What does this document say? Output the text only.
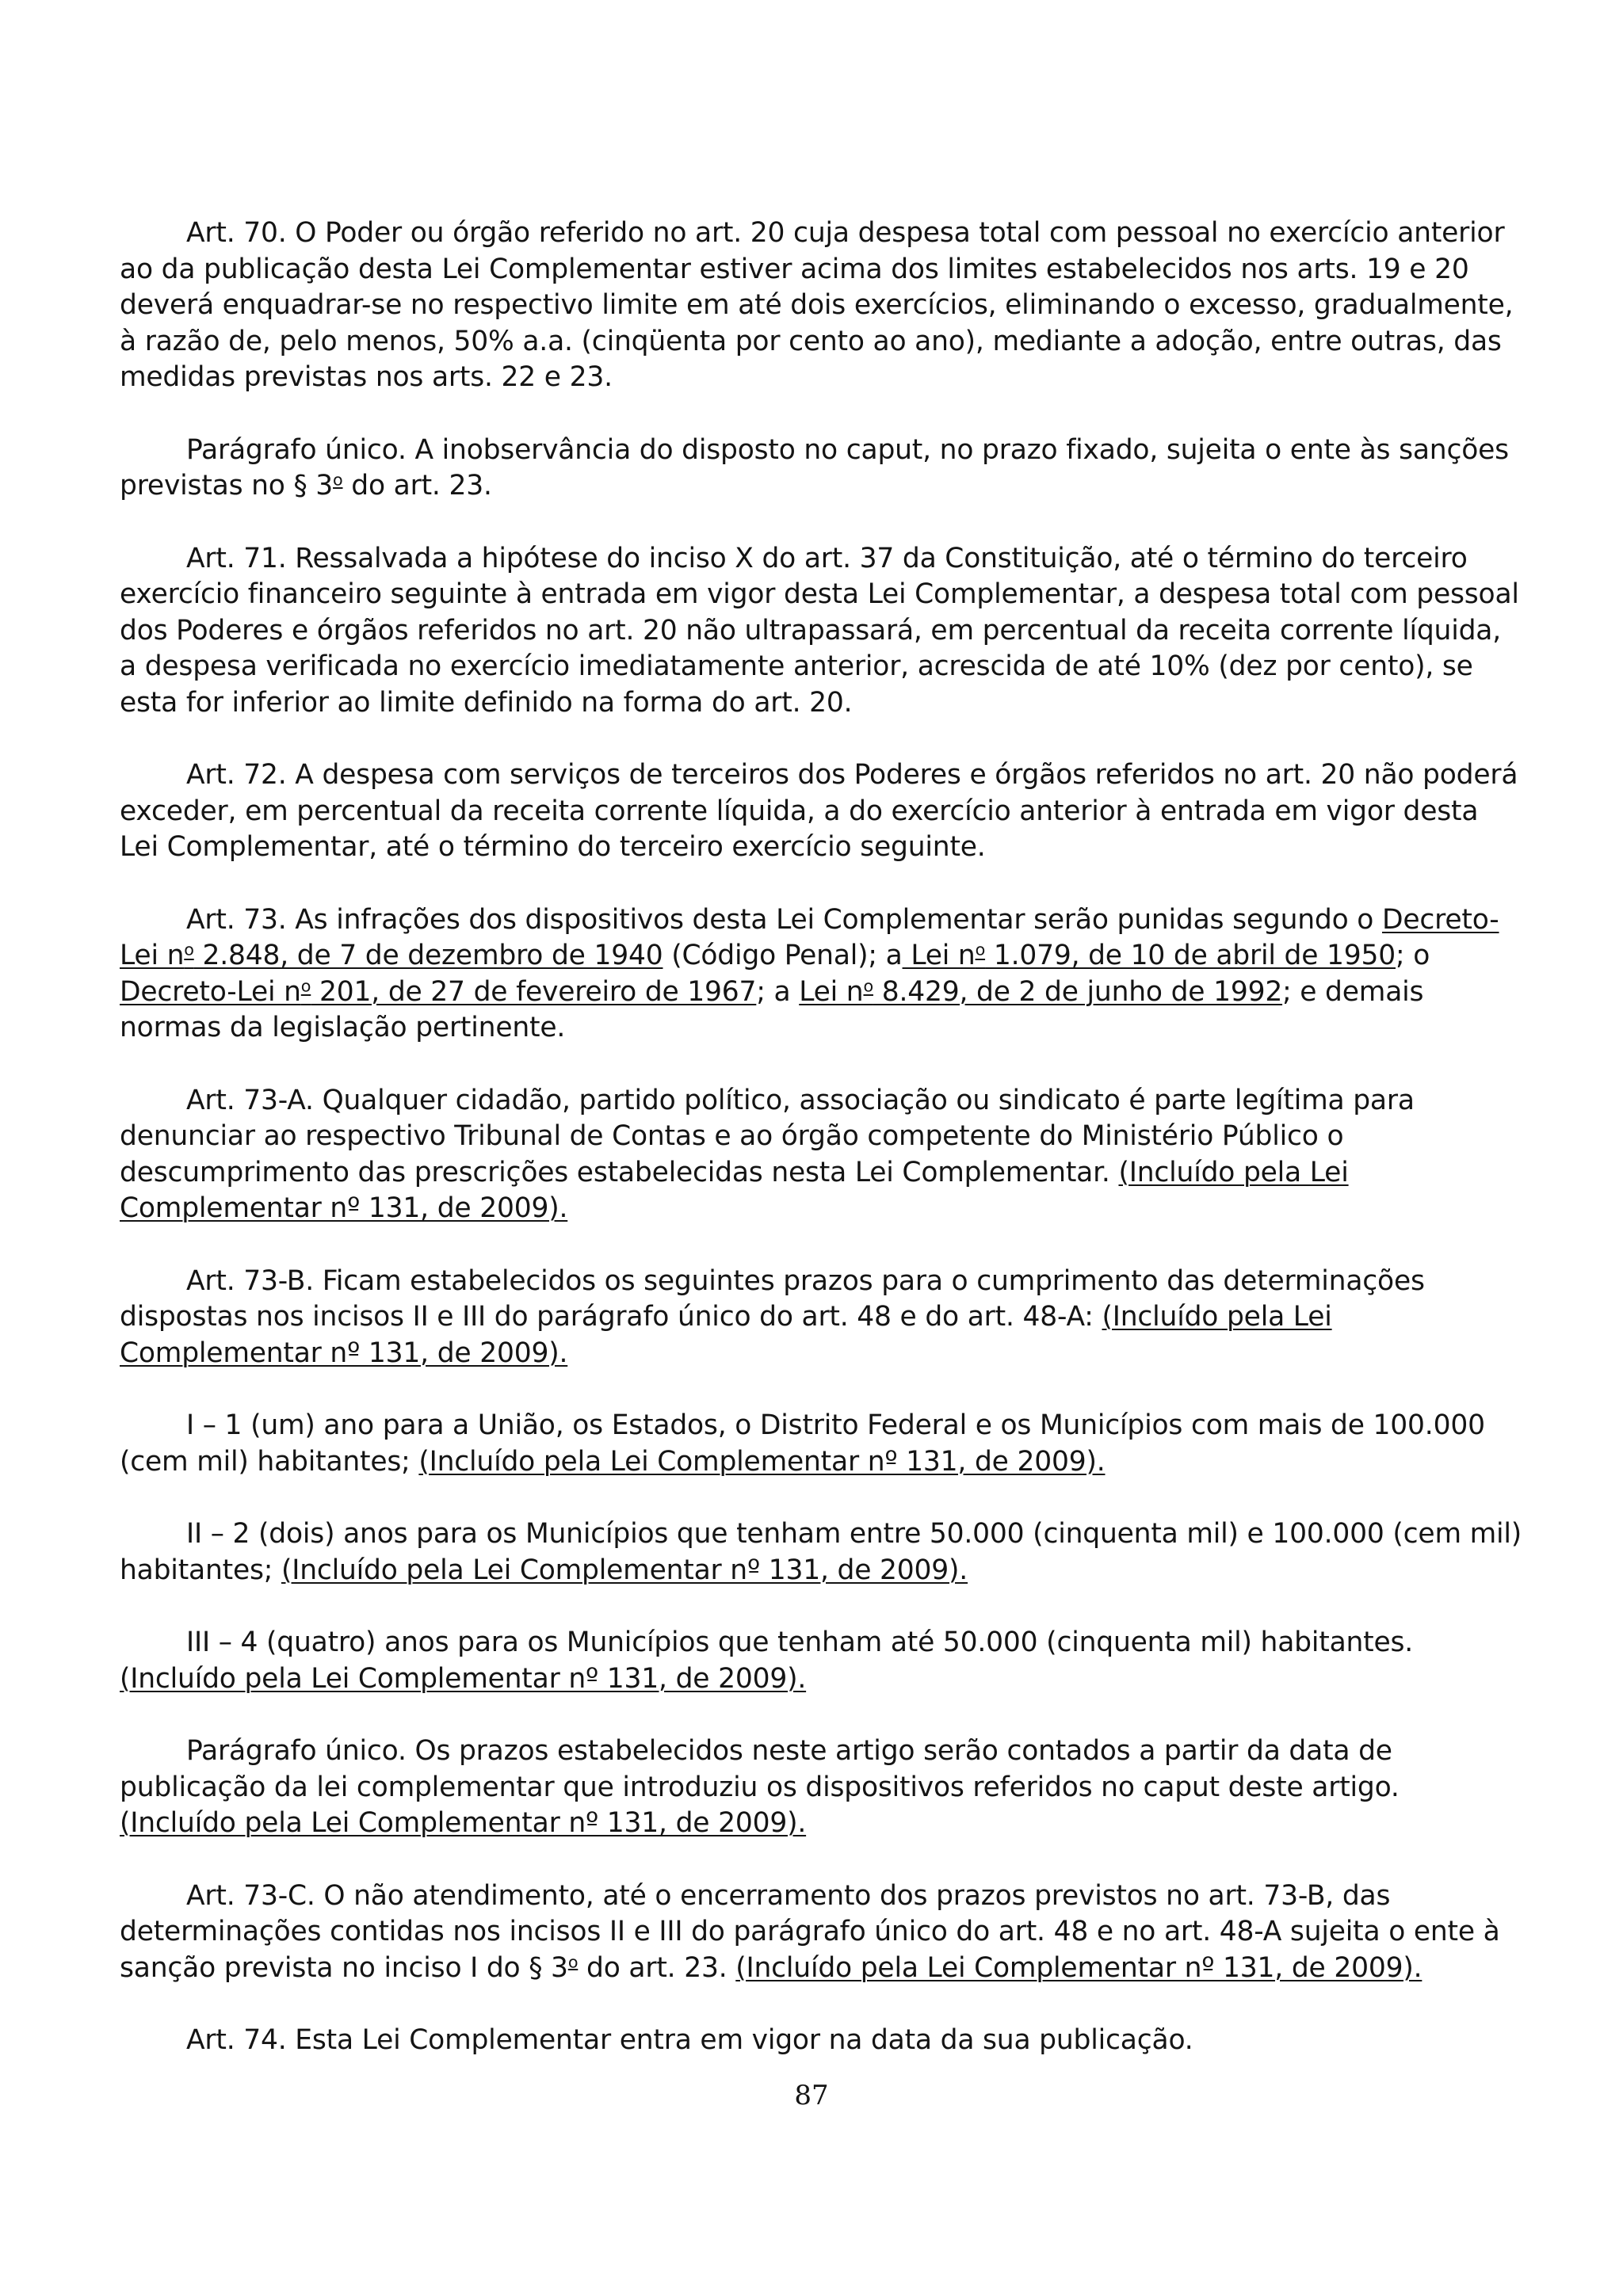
Art. 70. O Poder ou órgão referido no art. 20 cuja despesa total com pessoal no exercício anterior ao da publicação desta Lei Complementar estiver acima dos limites estabelecidos nos arts. 19 e 20 deverá enquadrar-se no respectivo limite em até dois exercícios, eliminando o excesso, gradualmente, à razão de, pelo menos, 50% a.a. (cinqüenta por cento ao ano), mediante a adoção, entre outras, das medidas previstas nos arts. 22 e 23.

Parágrafo único. A inobservância do disposto no caput, no prazo fixado, sujeita o ente às sanções previstas no § 3$^o$ do art. 23.

Art. 71. Ressalvada a hipótese do inciso X do art. 37 da Constituição, até o término do terceiro exercício financeiro seguinte à entrada em vigor desta Lei Complementar, a despesa total com pessoal dos Poderes e órgãos referidos no art. 20 não ultrapassará, em percentual da receita corrente líquida, a despesa verificada no exercício imediatamente anterior, acrescida de até 10% (dez por cento), se esta for inferior ao limite definido na forma do art. 20.

Art. 72. A despesa com serviços de terceiros dos Poderes e órgãos referidos no art. 20 não poderá exceder, em percentual da receita corrente líquida, a do exercício anterior à entrada em vigor desta Lei Complementar, até o término do terceiro exercício seguinte.

Art. 73. As infrações dos dispositivos desta Lei Complementar serão punidas segundo o Decreto-Lei $n^o$ 2.848, de 7 de dezembro de 1940 (Código Penal); a Lei $n^o$ 1.079, de 10 de abril de 1950; o Decreto-Lei $n^o$ 201, de 27 de fevereiro de 1967; a Lei $n^o$ 8.429, de 2 de junho de 1992; e demais normas da legislação pertinente.

Art. 73-A. Qualquer cidadão, partido político, associação ou sindicato é parte legítima para denunciar ao respectivo Tribunal de Contas e ao órgão competente do Ministério Público o descumprimento das prescrições estabelecidas nesta Lei Complementar. (Incluído pela Lei Complementar nº 131, de 2009).

Art. 73-B. Ficam estabelecidos os seguintes prazos para o cumprimento das determinações dispostas nos incisos II e III do parágrafo único do art. 48 e do art. 48-A: (Incluído pela Lei Complementar nº 131, de 2009).

I – 1 (um) ano para a União, os Estados, o Distrito Federal e os Municípios com mais de 100.000 (cem mil) habitantes; (Incluído pela Lei Complementar nº 131, de 2009).

II – 2 (dois) anos para os Municípios que tenham entre 50.000 (cinquenta mil) e 100.000 (cem mil) habitantes; (Incluído pela Lei Complementar nº 131, de 2009).

III – 4 (quatro) anos para os Municípios que tenham até 50.000 (cinquenta mil) habitantes. (Incluído pela Lei Complementar nº 131, de 2009).

Parágrafo único. Os prazos estabelecidos neste artigo serão contados a partir da data de publicação da lei complementar que introduziu os dispositivos referidos no caput deste artigo. (Incluído pela Lei Complementar nº 131, de 2009).

Art. 73-C. O não atendimento, até o encerramento dos prazos previstos no art. 73-B, das determinações contidas nos incisos II e III do parágrafo único do art. 48 e no art. 48-A sujeita o ente à sanção prevista no inciso I do § 3$^o$ do art. 23. (Incluído pela Lei Complementar nº 131, de 2009).

Art. 74. Esta Lei Complementar entra em vigor na data da sua publicação.

87
